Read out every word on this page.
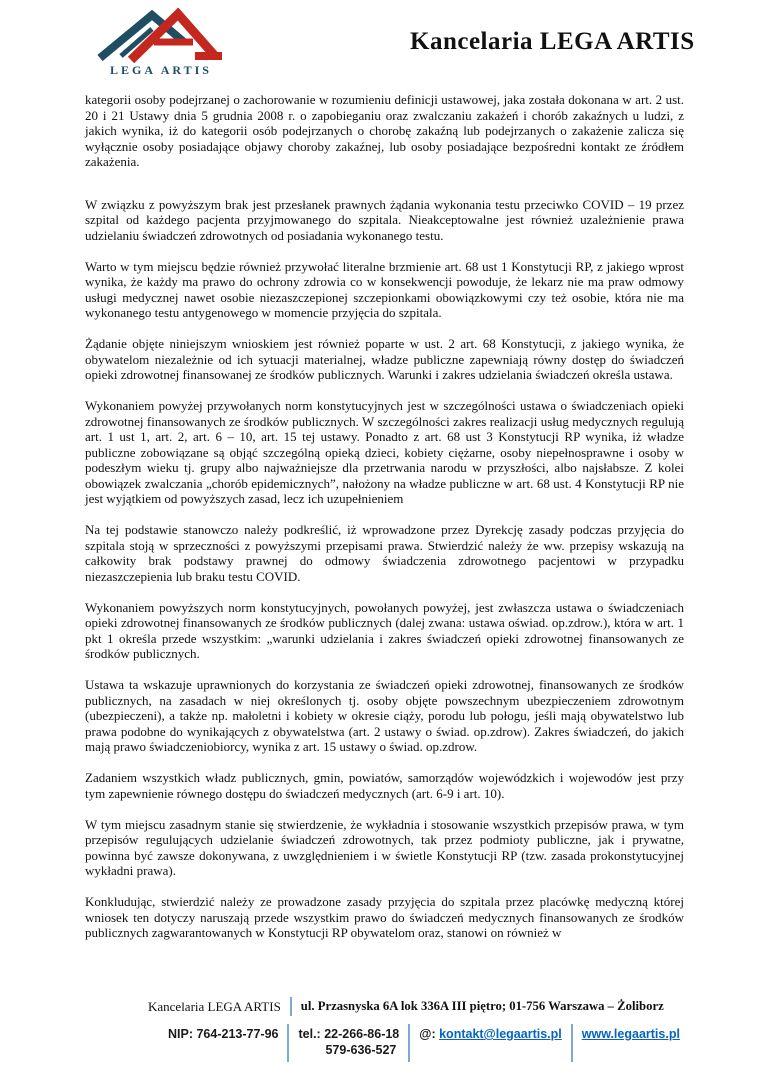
LEGA ARTIS
Kancelaria LEGA ARTIS

kategorii osoby podejrzanej o zachorowanie w rozumieniu definicji ustawowej, jaka została dokonana w art. 2 ust. 20 i 21 Ustawy dnia 5 grudnia 2008 r. o zapobieganiu oraz zwalczaniu zakażeń i chorób zakaźnych u ludzi, z jakich wynika, iż do kategorii osób podejrzanych o chorobę zakaźną lub podejrzanych o zakażenie zalicza się wyłącznie osoby posiadające objawy choroby zakaźnej, lub osoby posiadające bezpośredni kontakt ze źródłem zakażenia.

W związku z powyższym brak jest przesłanek prawnych żądania wykonania testu przeciwko COVID – 19 przez szpital od każdego pacjenta przyjmowanego do szpitala. Nieakceptowalne jest również uzależnienie prawa udzielaniu świadczeń zdrowotnych od posiadania wykonanego testu.

Warto w tym miejscu będzie również przywołać literalne brzmienie art. 68 ust 1 Konstytucji RP, z jakiego wprost wynika, że każdy ma prawo do ochrony zdrowia co w konsekwencji powoduje, że lekarz nie ma praw odmowy usługi medycznej nawet osobie niezaszczepionej szczepionkami obowiązkowymi czy też osobie, która nie ma wykonanego testu antygenowego w momencie przyjęcia do szpitala.

Żądanie objęte niniejszym wnioskiem jest również poparte w ust. 2 art. 68 Konstytucji, z jakiego wynika, że obywatelom niezależnie od ich sytuacji materialnej, władze publiczne zapewniają równy dostęp do świadczeń opieki zdrowotnej finansowanej ze środków publicznych. Warunki i zakres udzielania świadczeń określa ustawa.

Wykonaniem powyżej przywołanych norm konstytucyjnych jest w szczególności ustawa o świadczeniach opieki zdrowotnej finansowanych ze środków publicznych. W szczególności zakres realizacji usług medycznych regulują art. 1 ust 1, art. 2, art. 6 – 10, art. 15 tej ustawy. Ponadto z art. 68 ust 3 Konstytucji RP wynika, iż władze publiczne zobowiązane są objąć szczególną opieką dzieci, kobiety ciężarne, osoby niepełnosprawne i osoby w podeszłym wieku tj. grupy albo najważniejsze dla przetrwania narodu w przyszłości, albo najsłabsze. Z kolei obowiązek zwalczania „chorób epidemicznych”, nałożony na władze publiczne w art. 68 ust. 4 Konstytucji RP nie jest wyjątkiem od powyższych zasad, lecz ich uzupełnieniem

Na tej podstawie stanowczo należy podkreślić, iż wprowadzone przez Dyrekcję zasady podczas przyjęcia do szpitala stoją w sprzeczności z powyższymi przepisami prawa. Stwierdzić należy że ww. przepisy wskazują na całkowity brak podstawy prawnej do odmowy świadczenia zdrowotnego pacjentowi w przypadku niezaszczepienia lub braku testu COVID.

Wykonaniem powyższych norm konstytucyjnych, powołanych powyżej, jest zwłaszcza ustawa o świadczeniach opieki zdrowotnej finansowanych ze środków publicznych (dalej zwana: ustawa oświad. op.zdrow.), która w art. 1 pkt 1 określa przede wszystkim: „warunki udzielania i zakres świadczeń opieki zdrowotnej finansowanych ze środków publicznych.

Ustawa ta wskazuje uprawnionych do korzystania ze świadczeń opieki zdrowotnej, finansowanych ze środków publicznych, na zasadach w niej określonych tj. osoby objęte powszechnym ubezpieczeniem zdrowotnym (ubezpieczeni), a także np. małoletni i kobiety w okresie ciąży, porodu lub połogu, jeśli mają obywatelstwo lub prawa podobne do wynikających z obywatelstwa (art. 2 ustawy o świad. op.zdrow). Zakres świadczeń, do jakich mają prawo świadczeniobiorcy, wynika z art. 15 ustawy o świad. op.zdrow.

Zadaniem wszystkich władz publicznych, gmin, powiatów, samorządów wojewódzkich i wojewodów jest przy tym zapewnienie równego dostępu do świadczeń medycznych (art. 6-9 i art. 10).

W tym miejscu zasadnym stanie się stwierdzenie, że wykładnia i stosowanie wszystkich przepisów prawa, w tym przepisów regulujących udzielanie świadczeń zdrowotnych, tak przez podmioty publiczne, jak i prywatne, powinna być zawsze dokonywana, z uwzględnieniem i w świetle Konstytucji RP (tzw. zasada prokonstytucyjnej wykładni prawa).

Konkludując, stwierdzić należy ze prowadzone zasady przyjęcia do szpitala przez placówkę medyczną której wniosek ten dotyczy naruszają przede wszystkim prawo do świadczeń medycznych finansowanych ze środków publicznych zagwarantowanych w Konstytucji RP obywatelom oraz, stanowi on również w

Kancelaria LEGA ARTIS ul. Przasnyska 6A lok 336A III piętro; 01-756 Warszawa – Żoliborz
NIP: 764-213-77-96 tel.: 22-266-86-18
579-636-527
@: kontakt@legaartis.pl www.legaartis.pl
